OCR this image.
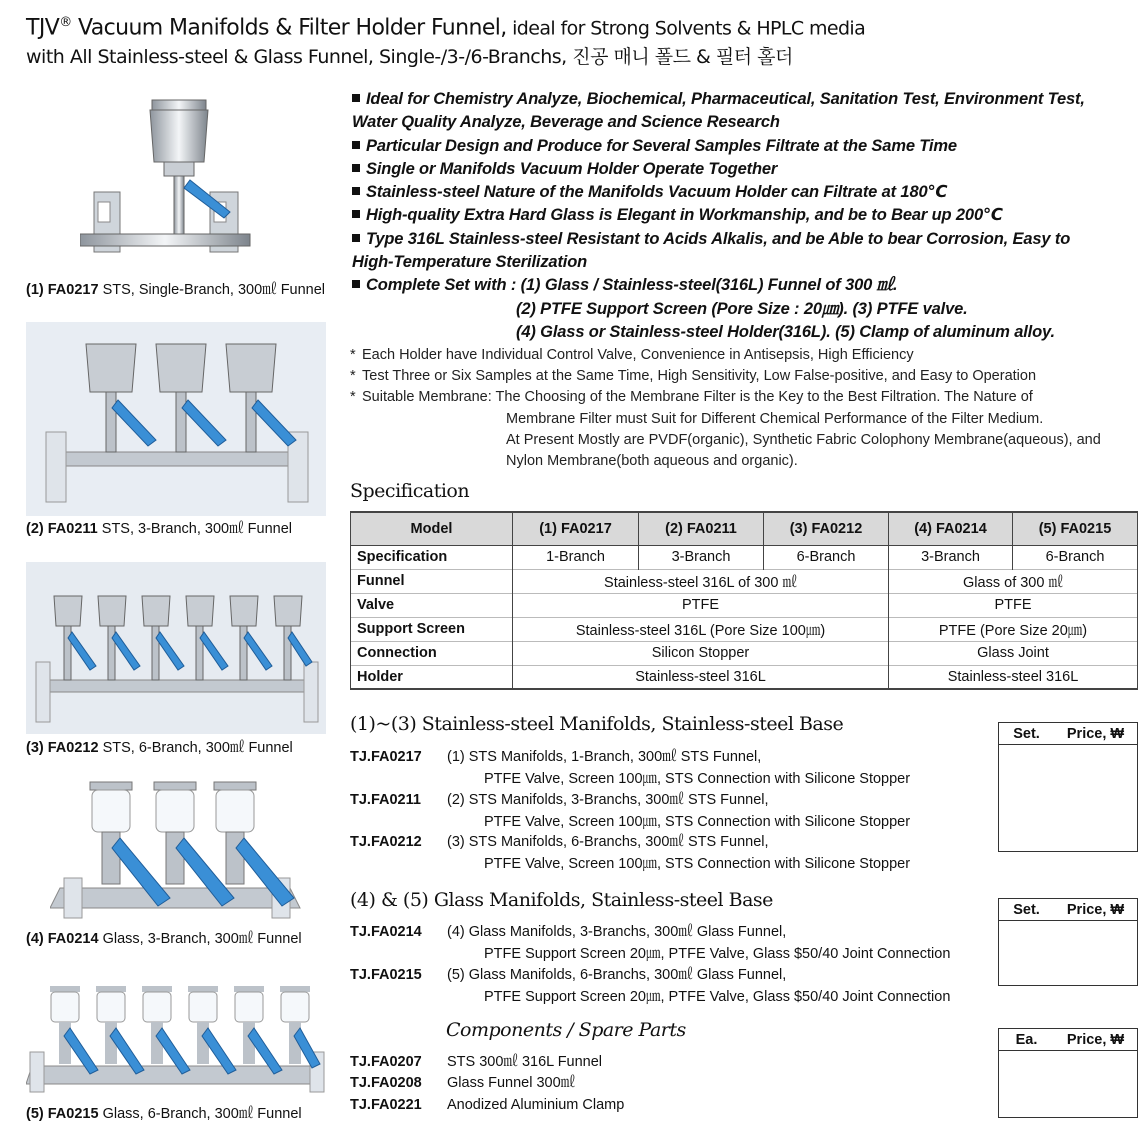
TJV® Vacuum Manifolds & Filter Holder Funnel, ideal for Strong Solvents & HPLC media
with All Stainless-steel & Glass Funnel, Single-/3-/6-Branchs, 진공 매니 폴드 & 필터 홀더
(1) FA0217 STS, Single-Branch, 300㎖ Funnel
(2) FA0211 STS, 3-Branch, 300㎖ Funnel
(3) FA0212 STS, 6-Branch, 300㎖ Funnel
(4) FA0214 Glass, 3-Branch, 300㎖ Funnel
(5) FA0215 Glass, 6-Branch, 300㎖ Funnel
Ideal for Chemistry Analyze, Biochemical, Pharmaceutical, Sanitation Test, Environment Test,
Water Quality Analyze, Beverage and Science Research
Particular Design and Produce for Several Samples Filtrate at the Same Time
Single or Manifolds Vacuum Holder Operate Together
Stainless-steel Nature of the Manifolds Vacuum Holder can Filtrate at 180℃
High-quality Extra Hard Glass is Elegant in Workmanship, and be to Bear up 200℃
Type 316L Stainless-steel Resistant to Acids Alkalis, and be Able to bear Corrosion, Easy to
High-Temperature Sterilization
Complete Set with : (1) Glass / Stainless-steel(316L) Funnel of 300 ㎖.
(2) PTFE Support Screen (Pore Size : 20㎛). (3) PTFE valve.
(4) Glass or Stainless-steel Holder(316L). (5) Clamp of aluminum alloy.
* Each Holder have Individual Control Valve, Convenience in Antisepsis, High Efficiency
* Test Three or Six Samples at the Same Time, High Sensitivity, Low False-positive, and Easy to Operation
* Suitable Membrane: The Choosing of the Membrane Filter is the Key to the Best Filtration. The Nature of
Membrane Filter must Suit for Different Chemical Performance of the Filter Medium.
At Present Mostly are PVDF(organic), Synthetic Fabric Colophony Membrane(aqueous), and
Nylon Membrane(both aqueous and organic).
Specification
Model	(1) FA0217	(2) FA0211	(3) FA0212	(4) FA0214	(5) FA0215
Specification	1-Branch	3-Branch	6-Branch	3-Branch	6-Branch
Funnel	Stainless-steel 316L of 300 ㎖			Glass of 300 ㎖	
Valve	PTFE			PTFE	
Support Screen	Stainless-steel 316L (Pore Size 100㎛)			PTFE (Pore Size 20㎛)	
Connection	Silicon Stopper			Glass Joint	
Holder	Stainless-steel 316L			Stainless-steel 316L	
(1)~(3) Stainless-steel Manifolds, Stainless-steel Base	Set.	Price, ₩
TJ.FA0217 (1) STS Manifolds, 1-Branch, 300㎖ STS Funnel,
PTFE Valve, Screen 100㎛, STS Connection with Silicone Stopper
TJ.FA0211 (2) STS Manifolds, 3-Branchs, 300㎖ STS Funnel,
PTFE Valve, Screen 100㎛, STS Connection with Silicone Stopper
TJ.FA0212 (3) STS Manifolds, 6-Branchs, 300㎖ STS Funnel,
PTFE Valve, Screen 100㎛, STS Connection with Silicone Stopper
(4) & (5) Glass Manifolds, Stainless-steel Base	Set.	Price, ₩
TJ.FA0214 (4) Glass Manifolds, 3-Branchs, 300㎖ Glass Funnel,
PTFE Support Screen 20㎛, PTFE Valve, Glass $50/40 Joint Connection
TJ.FA0215 (5) Glass Manifolds, 6-Branchs, 300㎖ Glass Funnel,
PTFE Support Screen 20㎛, PTFE Valve, Glass $50/40 Joint Connection
Components / Spare Parts	Ea.	Price, ₩
TJ.FA0207 STS 300㎖ 316L Funnel
TJ.FA0208 Glass Funnel 300㎖
TJ.FA0221 Anodized Aluminium Clamp
